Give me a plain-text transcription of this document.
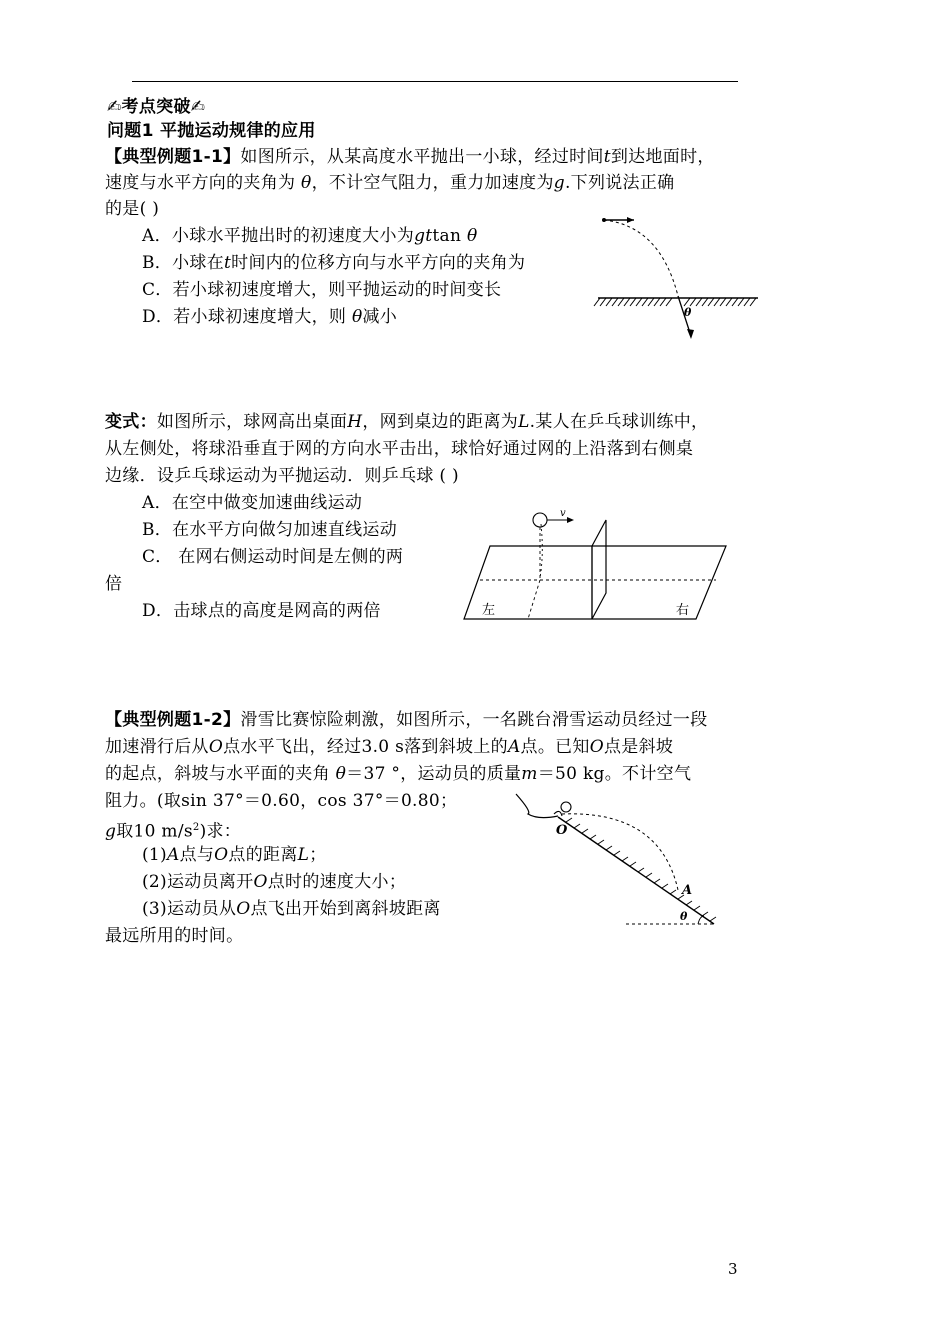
✍考点突破✍
问题1 平抛运动规律的应用
【典型例题1-1】如图所示，从某高度水平抛出一小球，经过时间t到达地面时，
速度与水平方向的夹角为 θ，不计空气阻力，重力加速度为g.下列说法正确
的是( )
A．小球水平抛出时的初速度大小为gttan θ
B．小球在t时间内的位移方向与水平方向的夹角为
C．若小球初速度增大，则平抛运动的时间变长
D．若小球初速度增大，则 θ减小	θ
变式：如图所示，球网高出桌面H，网到桌边的距离为L.某人在乒乓球训练中，
从左侧处，将球沿垂直于网的方向水平击出，球恰好通过网的上沿落到右侧桌
边缘．设乒乓球运动为平抛运动．则乒乓球 ( )
A．在空中做变加速曲线运动
B．在水平方向做匀加速直线运动
C． 在网右侧运动时间是左侧的两
倍
D．击球点的高度是网高的两倍
v
左	右
【典型例题1-2】滑雪比赛惊险刺激，如图所示，一名跳台滑雪运动员经过一段
加速滑行后从O点水平飞出，经过3.0 s落到斜坡上的A点。已知O点是斜坡
的起点，斜坡与水平面的夹角 θ＝37 °，运动员的质量m＝50 kg。不计空气
阻力。(取sin 37°＝0.60，cos 37°＝0.80；
g取10 $m/s^2$)求：
(1)A点与O点的距离L；
(2)运动员离开O点时的速度大小；
(3)运动员从O点飞出开始到离斜坡距离
最远所用的时间。
O
A
θ
3
